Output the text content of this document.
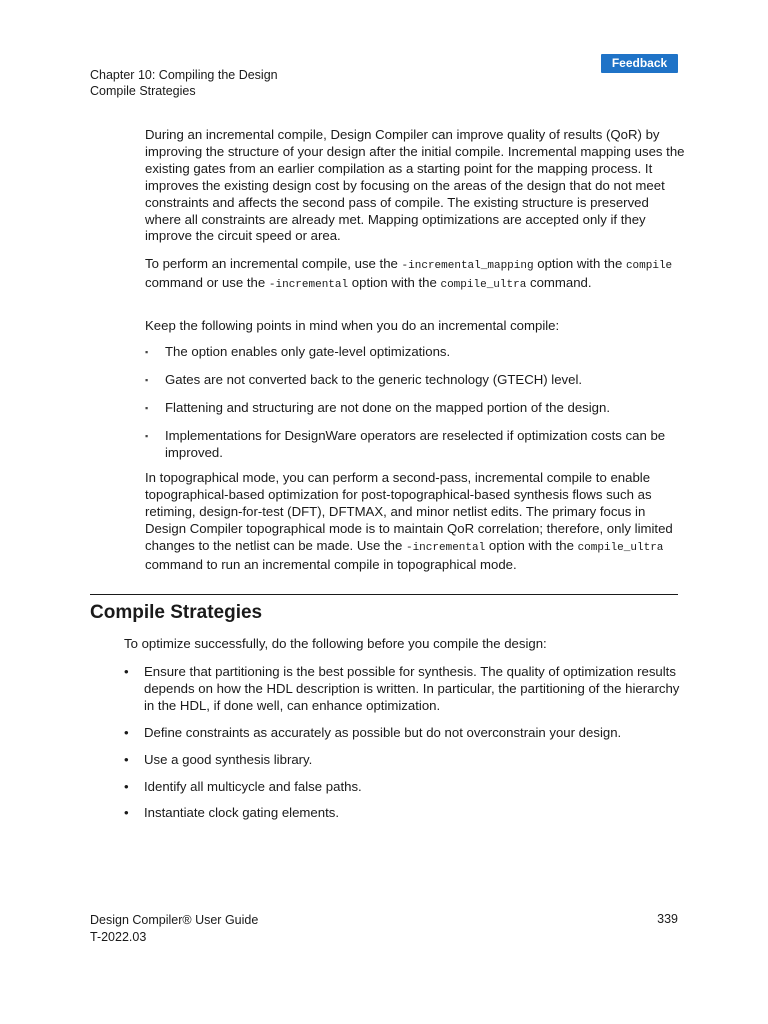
Chapter 10: Compiling the Design
Compile Strategies
Feedback

During an incremental compile, Design Compiler can improve quality of results (QoR) by improving the structure of your design after the initial compile. Incremental mapping uses the existing gates from an earlier compilation as a starting point for the mapping process. It improves the existing design cost by focusing on the areas of the design that do not meet constraints and affects the second pass of compile. The existing structure is preserved where all constraints are already met. Mapping optimizations are accepted only if they improve the circuit speed or area.

To perform an incremental compile, use the -incremental_mapping option with the compile command or use the -incremental option with the compile_ultra command.

Keep the following points in mind when you do an incremental compile:

▪ The option enables only gate-level optimizations.
▪ Gates are not converted back to the generic technology (GTECH) level.
▪ Flattening and structuring are not done on the mapped portion of the design.
▪ Implementations for DesignWare operators are reselected if optimization costs can be improved.

In topographical mode, you can perform a second-pass, incremental compile to enable topographical-based optimization for post-topographical-based synthesis flows such as retiming, design-for-test (DFT), DFTMAX, and minor netlist edits. The primary focus in Design Compiler topographical mode is to maintain QoR correlation; therefore, only limited changes to the netlist can be made. Use the -incremental option with the compile_ultra command to run an incremental compile in topographical mode.

Compile Strategies
To optimize successfully, do the following before you compile the design:
• Ensure that partitioning is the best possible for synthesis. The quality of optimization results depends on how the HDL description is written. In particular, the partitioning of the hierarchy in the HDL, if done well, can enhance optimization.
• Define constraints as accurately as possible but do not overconstrain your design.
• Use a good synthesis library.
• Identify all multicycle and false paths.
• Instantiate clock gating elements.
Design Compiler® User Guide
T-2022.03
339
